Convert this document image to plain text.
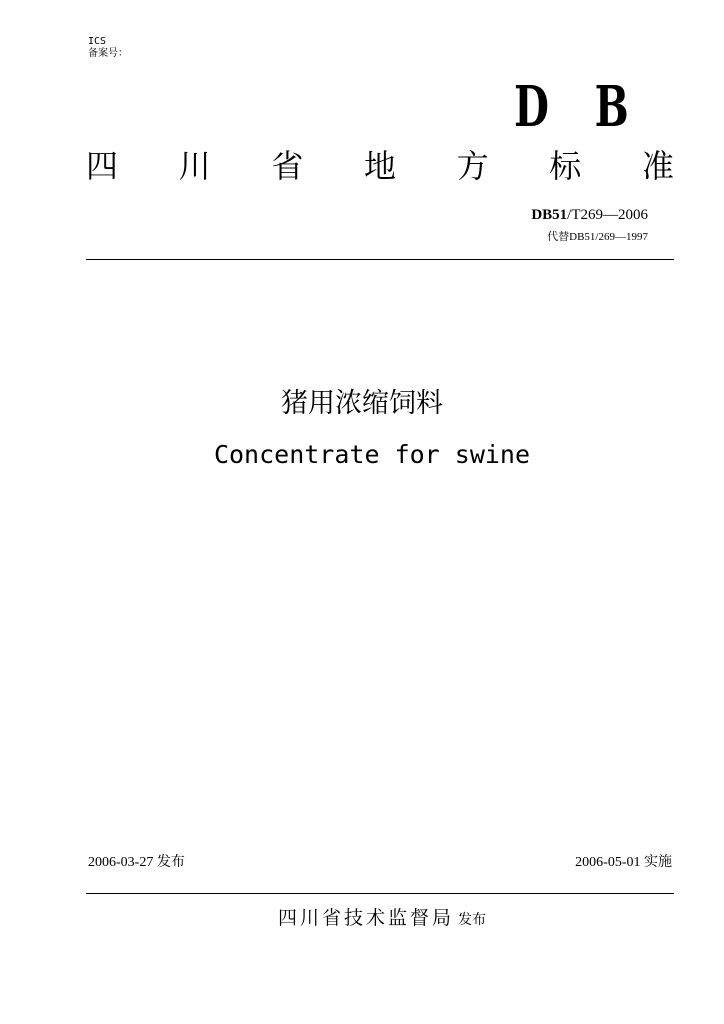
ICS
备案号：
D B
四 川 省 地 方 标 准
DB51/T269—2006
代替DB51/269—1997
猪用浓缩饲料
Concentrate for swine
2006-03-27 发布	2006-05-01 实施
四川省技术监督局 发布
